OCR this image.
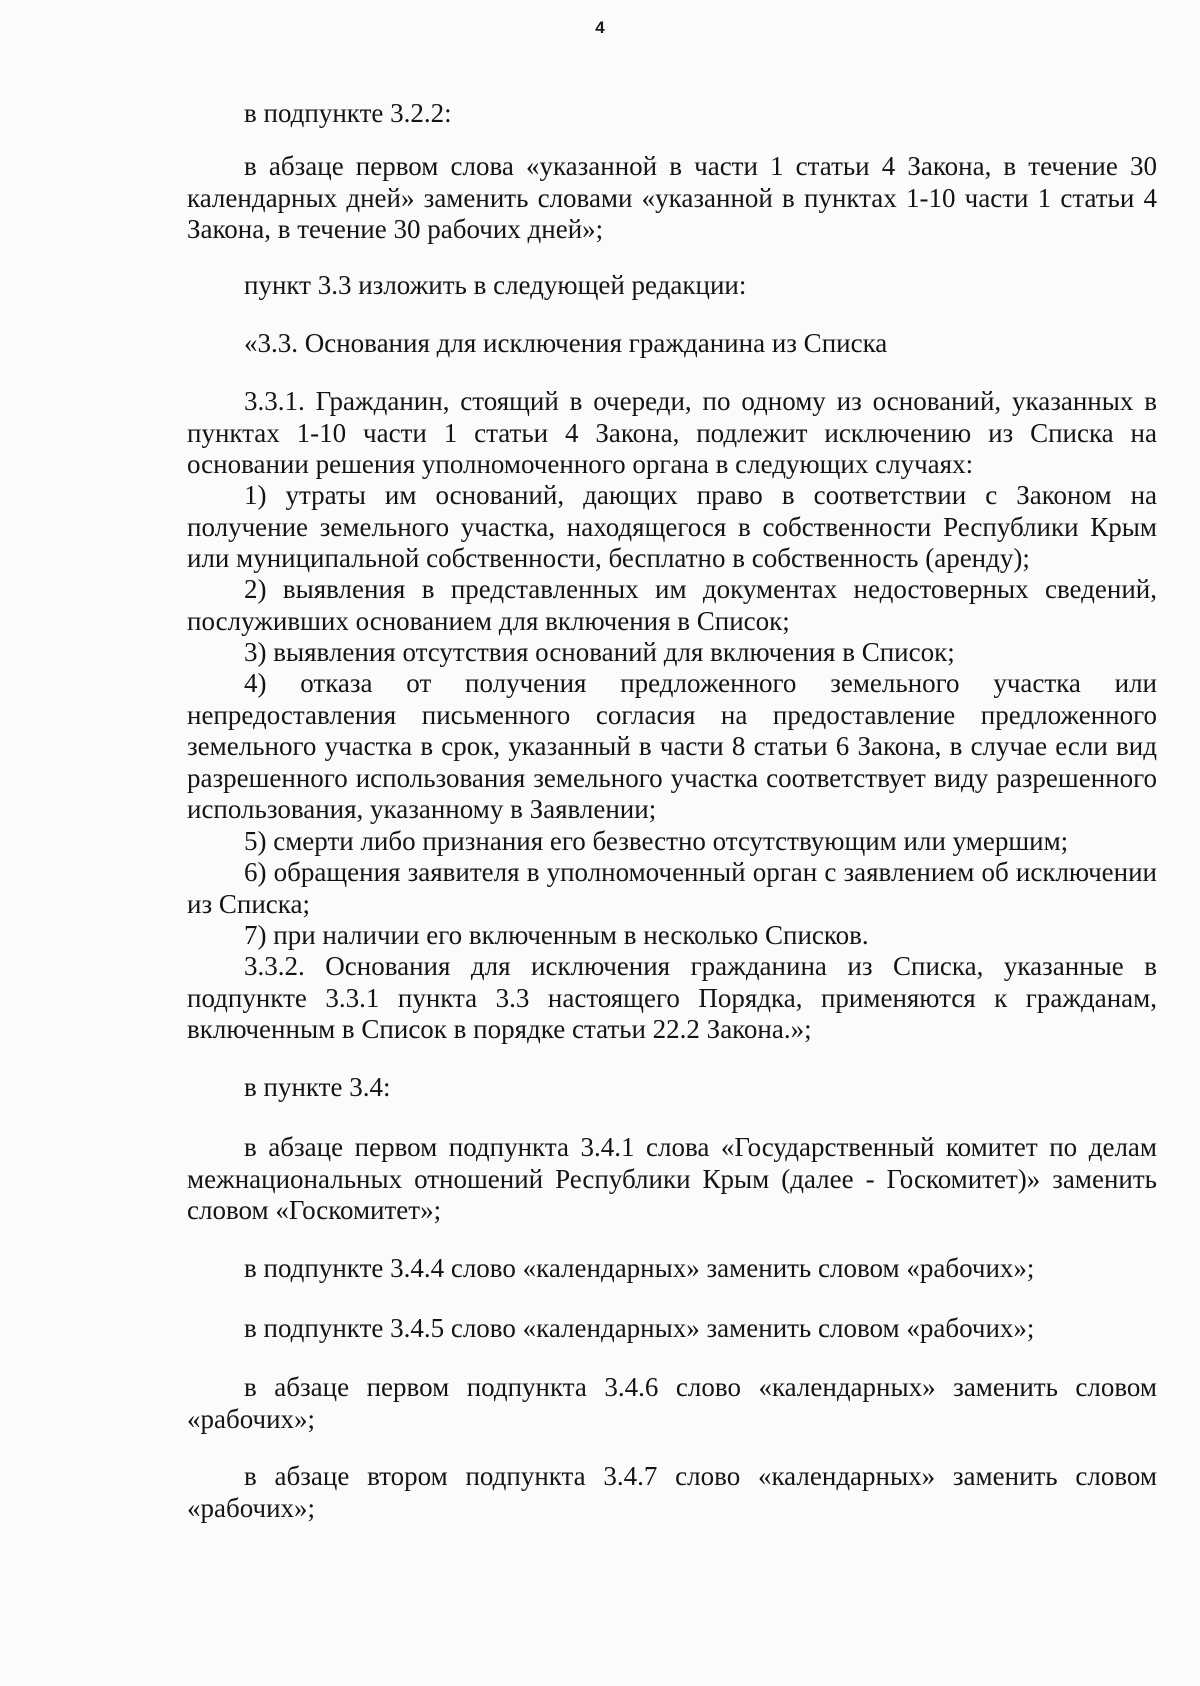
4

в подпункте 3.2.2:

в абзаце первом слова «указанной в части 1 статьи 4 Закона, в течение 30 календарных дней» заменить словами «указанной в пунктах 1-10 части 1 статьи 4 Закона, в течение 30 рабочих дней»;

пункт 3.3 изложить в следующей редакции:

«3.3. Основания для исключения гражданина из Списка

3.3.1. Гражданин, стоящий в очереди, по одному из оснований, указанных в пунктах 1-10 части 1 статьи 4 Закона, подлежит исключению из Списка на основании решения уполномоченного органа в следующих случаях:

1) утраты им оснований, дающих право в соответствии с Законом на получение земельного участка, находящегося в собственности Республики Крым или муниципальной собственности, бесплатно в собственность (аренду);

2) выявления в представленных им документах недостоверных сведений, послуживших основанием для включения в Список;

3) выявления отсутствия оснований для включения в Список;

4) отказа от получения предложенного земельного участка или непредоставления письменного согласия на предоставление предложенного земельного участка в срок, указанный в части 8 статьи 6 Закона, в случае если вид разрешенного использования земельного участка соответствует виду разрешенного использования, указанному в Заявлении;

5) смерти либо признания его безвестно отсутствующим или умершим;

6) обращения заявителя в уполномоченный орган с заявлением об исключении из Списка;

7) при наличии его включенным в несколько Списков.

3.3.2. Основания для исключения гражданина из Списка, указанные в подпункте 3.3.1 пункта 3.3 настоящего Порядка, применяются к гражданам, включенным в Список в порядке статьи 22.2 Закона.»;

в пункте 3.4:

в абзаце первом подпункта 3.4.1 слова «Государственный комитет по делам межнациональных отношений Республики Крым (далее - Госкомитет)» заменить словом «Госкомитет»;

в подпункте 3.4.4 слово «календарных» заменить словом «рабочих»;

в подпункте 3.4.5 слово «календарных» заменить словом «рабочих»;

в абзаце первом подпункта 3.4.6 слово «календарных» заменить словом «рабочих»;

в абзаце втором подпункта 3.4.7 слово «календарных» заменить словом «рабочих»;
